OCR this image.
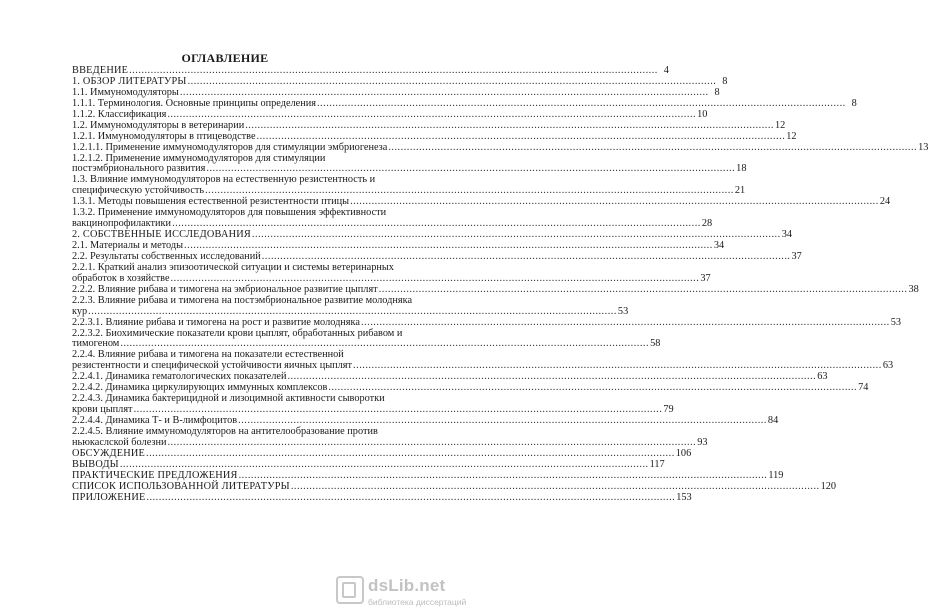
ОГЛАВЛЕНИЕ
ВВЕДЕНИЕ .....	4
1. ОБЗОР ЛИТЕРАТУРЫ .....	8
1.1. Иммуномодуляторы .....	8
1.1.1. Терминология. Основные принципы определения .....	8
1.1.2. Классификация .....	10
1.2. Иммуномодуляторы в ветеринарии .....	12
1.2.1. Иммуномодуляторы в птицеводстве .....	12
1.2.1.1. Применение иммуномодуляторов для стимуляции эмбриогенеза .....	13
1.2.1.2. Применение иммуномодуляторов для стимуляции
постэмбрионального развития .....	18
1.3. Влияние иммуномодуляторов на естественную резистентность и
специфическую устойчивость .....	21
1.3.1. Методы повышения естественной резистентности птицы .....	24
1.3.2. Применение иммуномодуляторов для повышения эффективности
вакцинопрофилактики .....	28
2. СОБСТВЕННЫЕ ИССЛЕДОВАНИЯ .....	34
2.1. Материалы и методы .....	34
2.2. Результаты собственных исследований .....	37
2.2.1. Краткий анализ эпизоотической ситуации и системы ветеринарных
обработок в хозяйстве .....	37
2.2.2. Влияние рибава и тимогена на эмбриональное развитие цыплят .....	38
2.2.3. Влияние рибава и тимогена на постэмбриональное развитие молодняка
кур .....	53
2.2.3.1. Влияние рибава и тимогена на рост и развитие молодняка .....	53
2.2.3.2. Биохимические показатели крови цыплят, обработанных рибавом и
тимогеном .....	58
2.2.4. Влияние рибава и тимогена на показатели естественной
резистентности и специфической устойчивости яичных цыплят .....	63
2.2.4.1. Динамика гематологических показателей .....	63
2.2.4.2. Динамика циркулирующих иммунных комплексов .....	74
2.2.4.3. Динамика бактерицидной и лизоцимной активности сыворотки
крови цыплят .....	79
2.2.4.4. Динамика Т- и В-лимфоцитов .....	84
2.2.4.5. Влияние иммуномодуляторов на антителообразование против
ньюкаслской болезни .....	93
ОБСУЖДЕНИЕ .....	106
ВЫВОДЫ .....	117
ПРАКТИЧЕСКИЕ ПРЕДЛОЖЕНИЯ .....	119
СПИСОК ИСПОЛЬЗОВАННОЙ ЛИТЕРАТУРЫ .....	120
ПРИЛОЖЕНИЕ .....	153
dsLib.net
библиотека диссертаций
